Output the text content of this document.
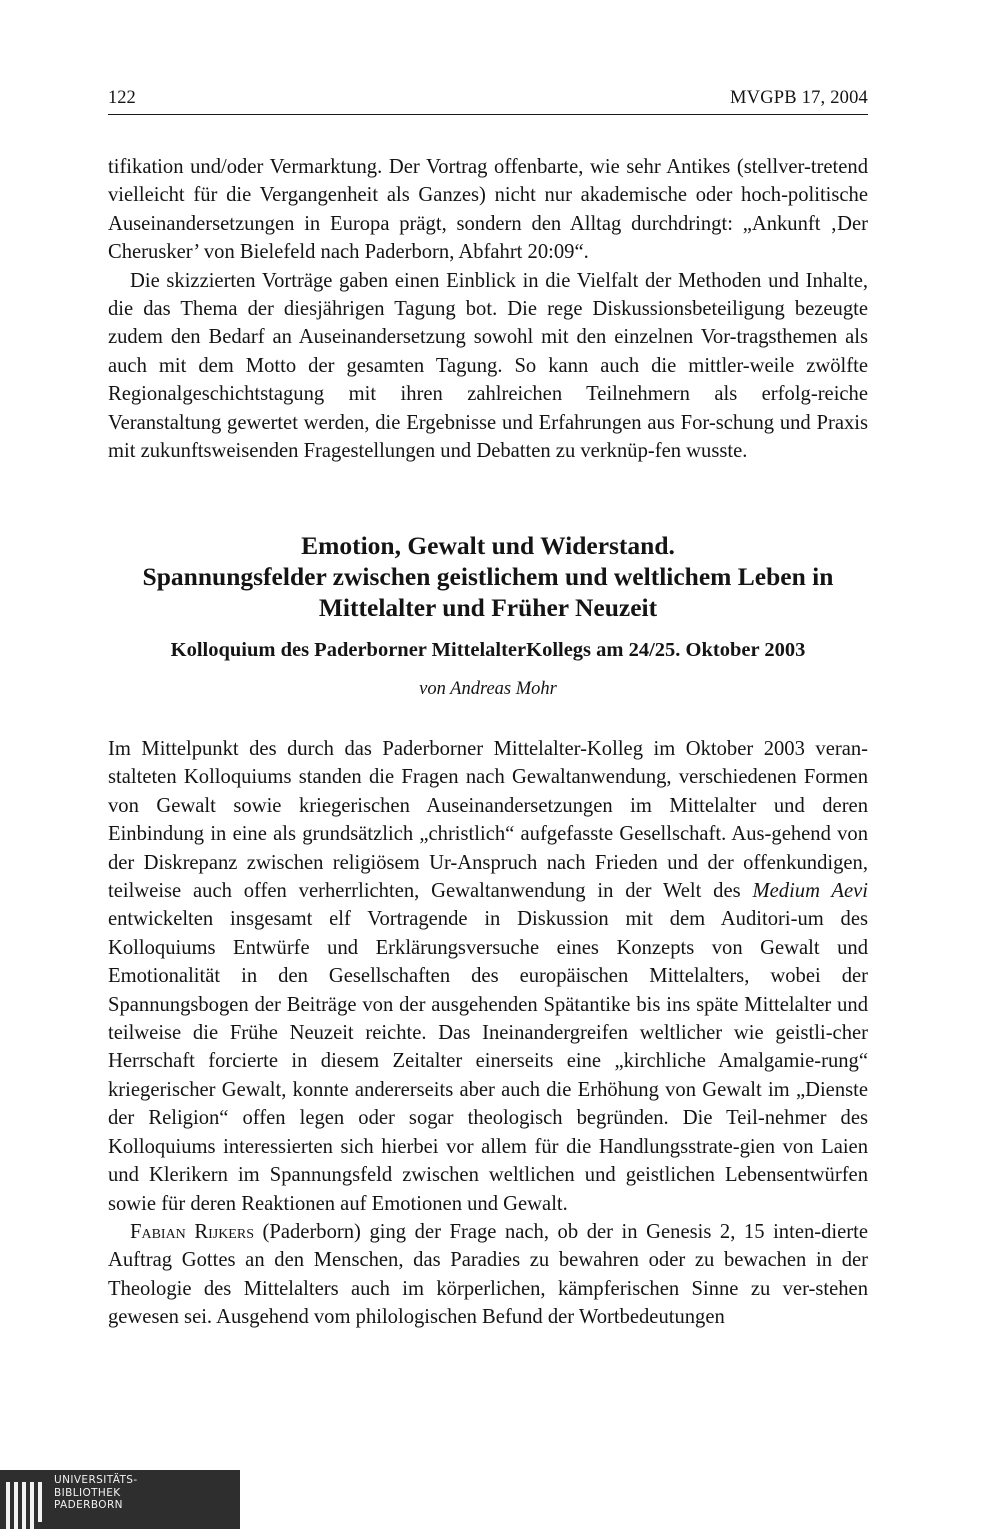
122	MVGPB 17, 2004

tifikation und/oder Vermarktung. Der Vortrag offenbarte, wie sehr Antikes (stellver-tretend vielleicht für die Vergangenheit als Ganzes) nicht nur akademische oder hoch-politische Auseinandersetzungen in Europa prägt, sondern den Alltag durchdringt: „Ankunft ‚Der Cherusker’ von Bielefeld nach Paderborn, Abfahrt 20:09“.

Die skizzierten Vorträge gaben einen Einblick in die Vielfalt der Methoden und Inhalte, die das Thema der diesjährigen Tagung bot. Die rege Diskussionsbeteiligung bezeugte zudem den Bedarf an Auseinandersetzung sowohl mit den einzelnen Vor-tragsthemen als auch mit dem Motto der gesamten Tagung. So kann auch die mittler-weile zwölfte Regionalgeschichtstagung mit ihren zahlreichen Teilnehmern als erfolg-reiche Veranstaltung gewertet werden, die Ergebnisse und Erfahrungen aus For-schung und Praxis mit zukunftsweisenden Fragestellungen und Debatten zu verknüp-fen wusste.

Emotion, Gewalt und Widerstand.
Spannungsfelder zwischen geistlichem und weltlichem Leben in
Mittelalter und Früher Neuzeit
Kolloquium des Paderborner MittelalterKollegs am 24/25. Oktober 2003
von Andreas Mohr

Im Mittelpunkt des durch das Paderborner Mittelalter-Kolleg im Oktober 2003 veran-stalteten Kolloquiums standen die Fragen nach Gewaltanwendung, verschiedenen Formen von Gewalt sowie kriegerischen Auseinandersetzungen im Mittelalter und deren Einbindung in eine als grundsätzlich „christlich“ aufgefasste Gesellschaft. Aus-gehend von der Diskrepanz zwischen religiösem Ur-Anspruch nach Frieden und der offenkundigen, teilweise auch offen verherrlichten, Gewaltanwendung in der Welt des Medium Aevi entwickelten insgesamt elf Vortragende in Diskussion mit dem Auditori-um des Kolloquiums Entwürfe und Erklärungsversuche eines Konzepts von Gewalt und Emotionalität in den Gesellschaften des europäischen Mittelalters, wobei der Spannungsbogen der Beiträge von der ausgehenden Spätantike bis ins späte Mittelalter und teilweise die Frühe Neuzeit reichte. Das Ineinandergreifen weltlicher wie geistli-cher Herrschaft forcierte in diesem Zeitalter einerseits eine „kirchliche Amalgamie-rung“ kriegerischer Gewalt, konnte andererseits aber auch die Erhöhung von Gewalt im „Dienste der Religion“ offen legen oder sogar theologisch begründen. Die Teil-nehmer des Kolloquiums interessierten sich hierbei vor allem für die Handlungsstrate-gien von Laien und Klerikern im Spannungsfeld zwischen weltlichen und geistlichen Lebensentwürfen sowie für deren Reaktionen auf Emotionen und Gewalt.

Fabian Rijkers (Paderborn) ging der Frage nach, ob der in Genesis 2, 15 inten-dierte Auftrag Gottes an den Menschen, das Paradies zu bewahren oder zu bewachen in der Theologie des Mittelalters auch im körperlichen, kämpferischen Sinne zu ver-stehen gewesen sei. Ausgehend vom philologischen Befund der Wortbedeutungen

UNIVERSITÄTS-
BIBLIOTHEK
PADERBORN
